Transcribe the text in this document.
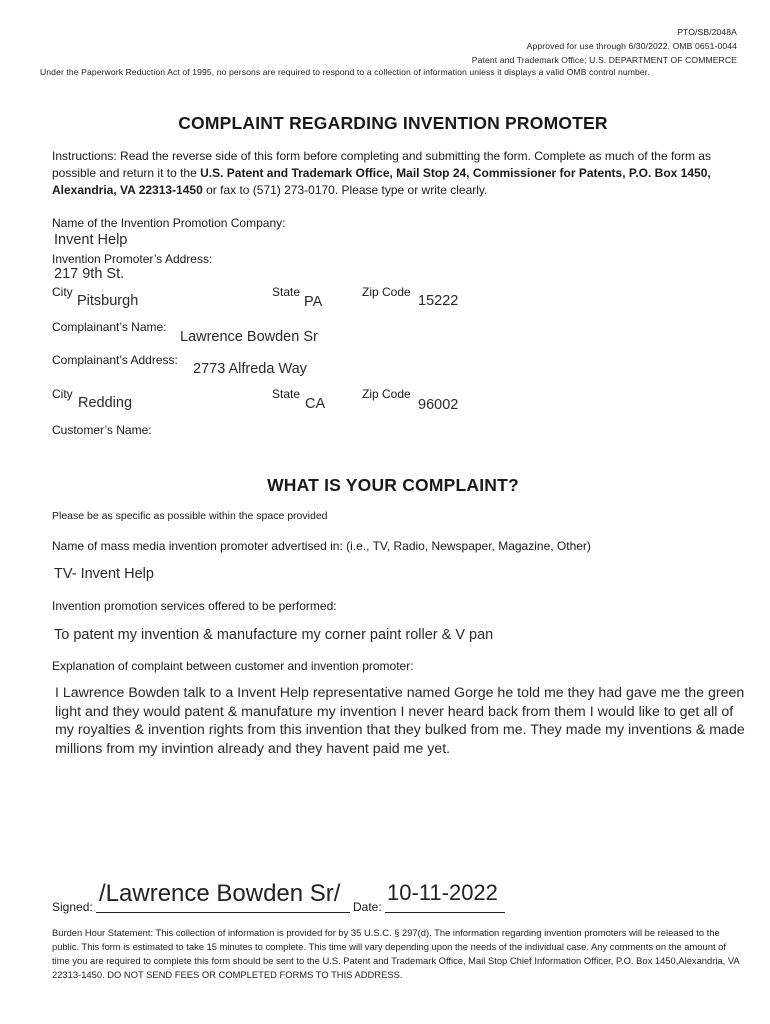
PTO/SB/2048A
Approved for use through 6/30/2022. OMB 0651-0044
Patent and Trademark Office; U.S. DEPARTMENT OF COMMERCE
Under the Paperwork Reduction Act of 1995, no persons are required to respond to a collection of information unless it displays a valid OMB control number.
COMPLAINT REGARDING INVENTION PROMOTER
Instructions: Read the reverse side of this form before completing and submitting the form. Complete as much of the form as possible and return it to the U.S. Patent and Trademark Office, Mail Stop 24, Commissioner for Patents, P.O. Box 1450, Alexandria, VA 22313-1450 or fax to (571) 273-0170. Please type or write clearly.
Name of the Invention Promotion Company:
Invent Help
Invention Promoter’s Address:
217 9th St.
City
Pitsburgh
State
PA
Zip Code
15222
Complainant’s Name:
Lawrence Bowden Sr
Complainant’s Address:
2773 Alfreda Way
City
Redding
State
CA
Zip Code
96002
Customer’s Name:
WHAT IS YOUR COMPLAINT?
Please be as specific as possible within the space provided
Name of mass media invention promoter advertised in: (i.e., TV, Radio, Newspaper, Magazine, Other)
TV- Invent Help
Invention promotion services offered to be performed:
To patent my invention & manufacture my corner paint roller & V pan
Explanation of complaint between customer and invention promoter:
I Lawrence Bowden talk to a Invent Help representative named Gorge he told me they had gave me the green light and they would patent & manufature my invention I never heard back from them I would like to get all of my royalties & invention rights from this invention that they bulked from me. They made my inventions & made millions from my invintion already and they havent paid me yet.
Signed: /Lawrence Bowden Sr/ Date:
10-11-2022
Burden Hour Statement: This collection of information is provided for by 35 U.S.C. § 297(d). The information regarding invention promoters will be released to the public. This form is estimated to take 15 minutes to complete. This time will vary depending upon the needs of the individual case. Any comments on the amount of time you are required to complete this form should be sent to the U.S. Patent and Trademark Office, Mail Stop Chief Information Officer, P.O. Box 1450,Alexandria, VA 22313-1450. DO NOT SEND FEES OR COMPLETED FORMS TO THIS ADDRESS.
